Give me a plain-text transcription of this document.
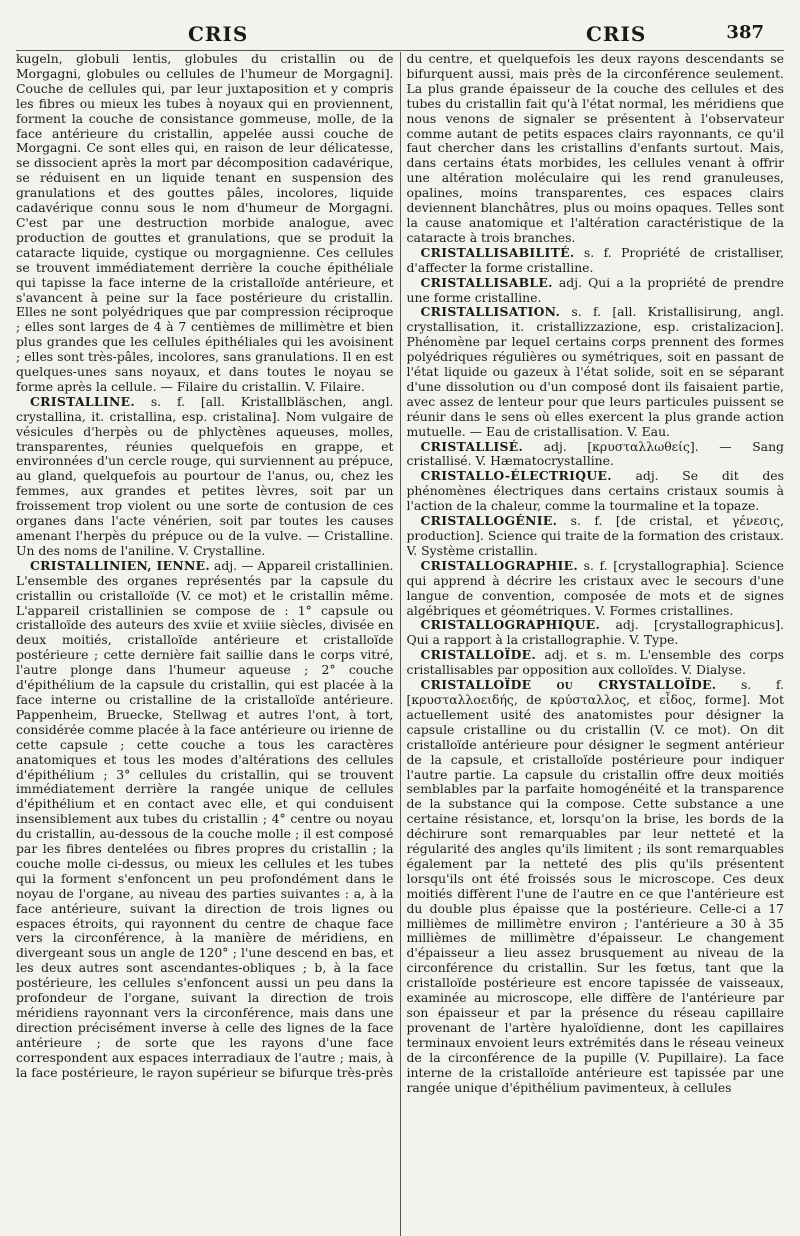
CRIS	CRIS	387

kugeln, globuli lentis, globules du cristallin ou de Morgagni, globules ou cellules de l'humeur de Morgagni]. Couche de cellules qui, par leur juxtaposition et y compris les fibres ou mieux les tubes à noyaux qui en proviennent, forment la couche de consistance gommeuse, molle, de la face antérieure du cristallin, appelée aussi couche de Morgagni. Ce sont elles qui, en raison de leur délicatesse, se dissocient après la mort par décomposition cadavérique, se réduisent en un liquide tenant en suspension des granulations et des gouttes pâles, incolores, liquide cadavérique connu sous le nom d'humeur de Morgagni. C'est par une destruction morbide analogue, avec production de gouttes et granulations, que se produit la cataracte liquide, cystique ou morgagnienne. Ces cellules se trouvent immédiatement derrière la couche épithéliale qui tapisse la face interne de la cristalloïde antérieure, et s'avancent à peine sur la face postérieure du cristallin. Elles ne sont polyédriques que par compression réciproque ; elles sont larges de 4 à 7 centièmes de millimètre et bien plus grandes que les cellules épithéliales qui les avoisinent ; elles sont très-pâles, incolores, sans granulations. Il en est quelques-unes sans noyaux, et dans toutes le noyau se forme après la cellule. — Filaire du cristallin. V. Filaire.

CRISTALLINE. s. f. [all. Kristallbläschen, angl. crystallina, it. cristallina, esp. cristalina]. Nom vulgaire de vésicules d'herpès ou de phlyctènes aqueuses, molles, transparentes, réunies quelquefois en grappe, et environnées d'un cercle rouge, qui surviennent au prépuce, au gland, quelquefois au pourtour de l'anus, ou, chez les femmes, aux grandes et petites lèvres, soit par un froissement trop violent ou une sorte de contusion de ces organes dans l'acte vénérien, soit par toutes les causes amenant l'herpès du prépuce ou de la vulve. — Cristalline. Un des noms de l'aniline. V. Crystalline.

CRISTALLINIEN, IENNE. adj. — Appareil cristallinien. L'ensemble des organes représentés par la capsule du cristallin ou cristalloïde (V. ce mot) et le cristallin même. L'appareil cristallinien se compose de : 1° capsule ou cristalloïde des auteurs des xviie et xviiie siècles, divisée en deux moitiés, cristalloïde antérieure et cristalloïde postérieure ; cette dernière fait saillie dans le corps vitré, l'autre plonge dans l'humeur aqueuse ; 2° couche d'épithélium de la capsule du cristallin, qui est placée à la face interne ou cristalline de la cristalloïde antérieure. Pappenheim, Bruecke, Stellwag et autres l'ont, à tort, considérée comme placée à la face antérieure ou irienne de cette capsule ; cette couche a tous les caractères anatomiques et tous les modes d'altérations des cellules d'épithélium ; 3° cellules du cristallin, qui se trouvent immédiatement derrière la rangée unique de cellules d'épithélium et en contact avec elle, et qui conduisent insensiblement aux tubes du cristallin ; 4° centre ou noyau du cristallin, au-dessous de la couche molle ; il est composé par les fibres dentelées ou fibres propres du cristallin ; la couche molle ci-dessus, ou mieux les cellules et les tubes qui la forment s'enfoncent un peu profondément dans le noyau de l'organe, au niveau des parties suivantes : a, à la face antérieure, suivant la direction de trois lignes ou espaces étroits, qui rayonnent du centre de chaque face vers la circonférence, à la manière de méridiens, en divergeant sous un angle de 120° ; l'une descend en bas, et les deux autres sont ascendantes-obliques ; b, à la face postérieure, les cellules s'enfoncent aussi un peu dans la profondeur de l'organe, suivant la direction de trois méridiens rayonnant vers la circonférence, mais dans une direction précisément inverse à celle des lignes de la face antérieure ; de sorte que les rayons d'une face correspondent aux espaces interradiaux de l'autre ; mais, à la face postérieure, le rayon supérieur se bifurque très-près

du centre, et quelquefois les deux rayons descendants se bifurquent aussi, mais près de la circonférence seulement. La plus grande épaisseur de la couche des cellules et des tubes du cristallin fait qu'à l'état normal, les méridiens que nous venons de signaler se présentent à l'observateur comme autant de petits espaces clairs rayonnants, ce qu'il faut chercher dans les cristallins d'enfants surtout. Mais, dans certains états morbides, les cellules venant à offrir une altération moléculaire qui les rend granuleuses, opalines, moins transparentes, ces espaces clairs deviennent blanchâtres, plus ou moins opaques. Telles sont la cause anatomique et l'altération caractéristique de la cataracte à trois branches.

CRISTALLISABILITÉ. s. f. Propriété de cristalliser, d'affecter la forme cristalline.

CRISTALLISABLE. adj. Qui a la propriété de prendre une forme cristalline.

CRISTALLISATION. s. f. [all. Kristallisirung, angl. crystallisation, it. cristallizzazione, esp. cristalizacion]. Phénomène par lequel certains corps prennent des formes polyédriques régulières ou symétriques, soit en passant de l'état liquide ou gazeux à l'état solide, soit en se séparant d'une dissolution ou d'un composé dont ils faisaient partie, avec assez de lenteur pour que leurs particules puissent se réunir dans le sens où elles exercent la plus grande action mutuelle. — Eau de cristallisation. V. Eau.

CRISTALLISÉ. adj. [κρυσταλλωθείς]. — Sang cristallisé. V. Hæmatocrystalline.

CRISTALLO-ÉLECTRIQUE. adj. Se dit des phénomènes électriques dans certains cristaux soumis à l'action de la chaleur, comme la tourmaline et la topaze.

CRISTALLOGÉNIE. s. f. [de cristal, et γένεσις, production]. Science qui traite de la formation des cristaux. V. Système cristallin.

CRISTALLOGRAPHIE. s. f. [crystallographia]. Science qui apprend à décrire les cristaux avec le secours d'une langue de convention, composée de mots et de signes algébriques et géométriques. V. Formes cristallines.

CRISTALLOGRAPHIQUE. adj. [crystallographicus]. Qui a rapport à la cristallographie. V. Type.

CRISTALLOÏDE. adj. et s. m. L'ensemble des corps cristallisables par opposition aux colloïdes. V. Dialyse.

CRISTALLOÏDE ou CRYSTALLOÏDE. s. f. [κρυσταλλοειδής, de κρύσταλλος, et εἶδος, forme]. Mot actuellement usité des anatomistes pour désigner la capsule cristalline ou du cristallin (V. ce mot). On dit cristalloïde antérieure pour désigner le segment antérieur de la capsule, et cristalloïde postérieure pour indiquer l'autre partie. La capsule du cristallin offre deux moitiés semblables par la parfaite homogénéité et la transparence de la substance qui la compose. Cette substance a une certaine résistance, et, lorsqu'on la brise, les bords de la déchirure sont remarquables par leur netteté et la régularité des angles qu'ils limitent ; ils sont remarquables également par la netteté des plis qu'ils présentent lorsqu'ils ont été froissés sous le microscope. Ces deux moitiés diffèrent l'une de l'autre en ce que l'antérieure est du double plus épaisse que la postérieure. Celle-ci a 17 millièmes de millimètre environ ; l'antérieure a 30 à 35 millièmes de millimètre d'épaisseur. Le changement d'épaisseur a lieu assez brusquement au niveau de la circonférence du cristallin. Sur les fœtus, tant que la cristalloïde postérieure est encore tapissée de vaisseaux, examinée au microscope, elle diffère de l'antérieure par son épaisseur et par la présence du réseau capillaire provenant de l'artère hyaloïdienne, dont les capillaires terminaux envoient leurs extrémités dans le réseau veineux de la circonférence de la pupille (V. Pupillaire). La face interne de la cristalloïde antérieure est tapissée par une rangée unique d'épithélium pavimenteux, à cellules
